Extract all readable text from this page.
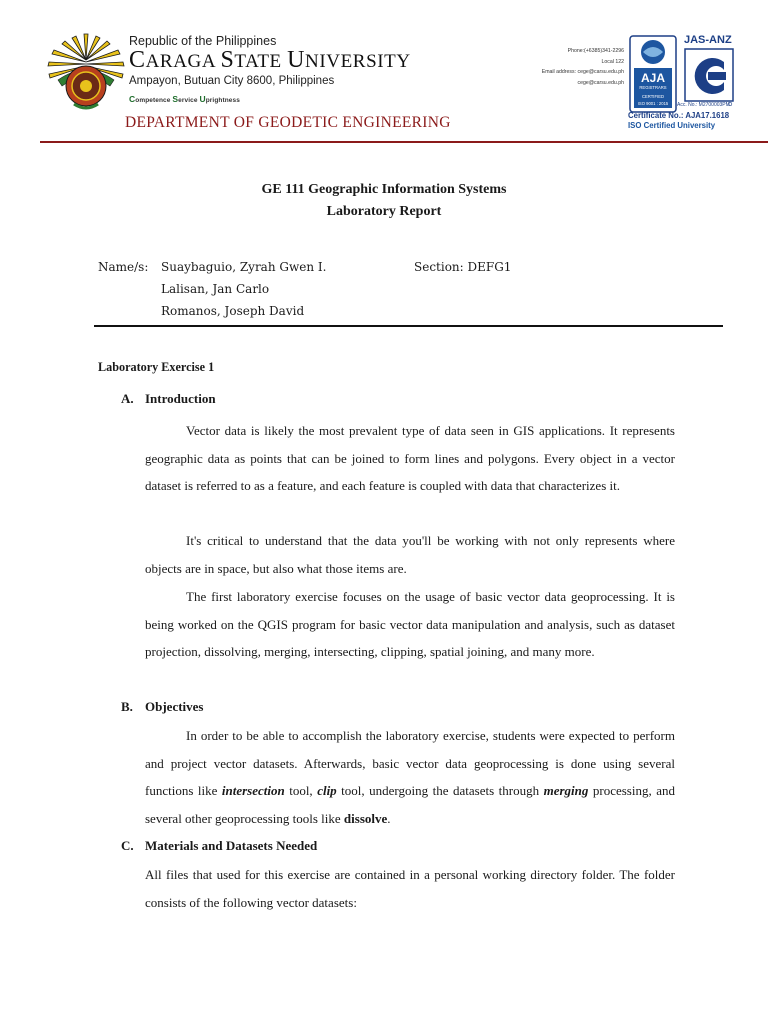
Republic of the Philippines
CARAGA STATE UNIVERSITY
Ampayon, Butuan City 8600, Philippines
Competence Service Uprightness
DEPARTMENT OF GEODETIC ENGINEERING
Phone:(+6385)341-2296
Local 122
Email address: cege@carsu.edu.ph
cege@carsu.edu.ph AJA
REGISTRARS
CERTIFIED
ISO 9001 : 2015
JAS-ANZ
Acc. No.: M2700003PM
Certificate No.: AJA17.1618
ISO Certified University
GE 111 Geographic Information Systems
Laboratory Report
Name/s: Suaybaguio, Zyrah Gwen I.
Lalisan, Jan Carlo
Romanos, Joseph David
Section: DEFG1
Laboratory Exercise 1
A. Introduction
Vector data is likely the most prevalent type of data seen in GIS applications. It represents geographic data as points that can be joined to form lines and polygons. Every object in a vector dataset is referred to as a feature, and each feature is coupled with data that characterizes it.
It's critical to understand that the data you'll be working with not only represents where objects are in space, but also what those items are.
The first laboratory exercise focuses on the usage of basic vector data geoprocessing. It is being worked on the QGIS program for basic vector data manipulation and analysis, such as dataset projection, dissolving, merging, intersecting, clipping, spatial joining, and many more.
B. Objectives
In order to be able to accomplish the laboratory exercise, students were expected to perform and project vector datasets. Afterwards, basic vector data geoprocessing is done using several functions like intersection tool, clip tool, undergoing the datasets through merging processing, and several other geoprocessing tools like dissolve.
C. Materials and Datasets Needed
All files that used for this exercise are contained in a personal working directory folder. The folder consists of the following vector datasets:
